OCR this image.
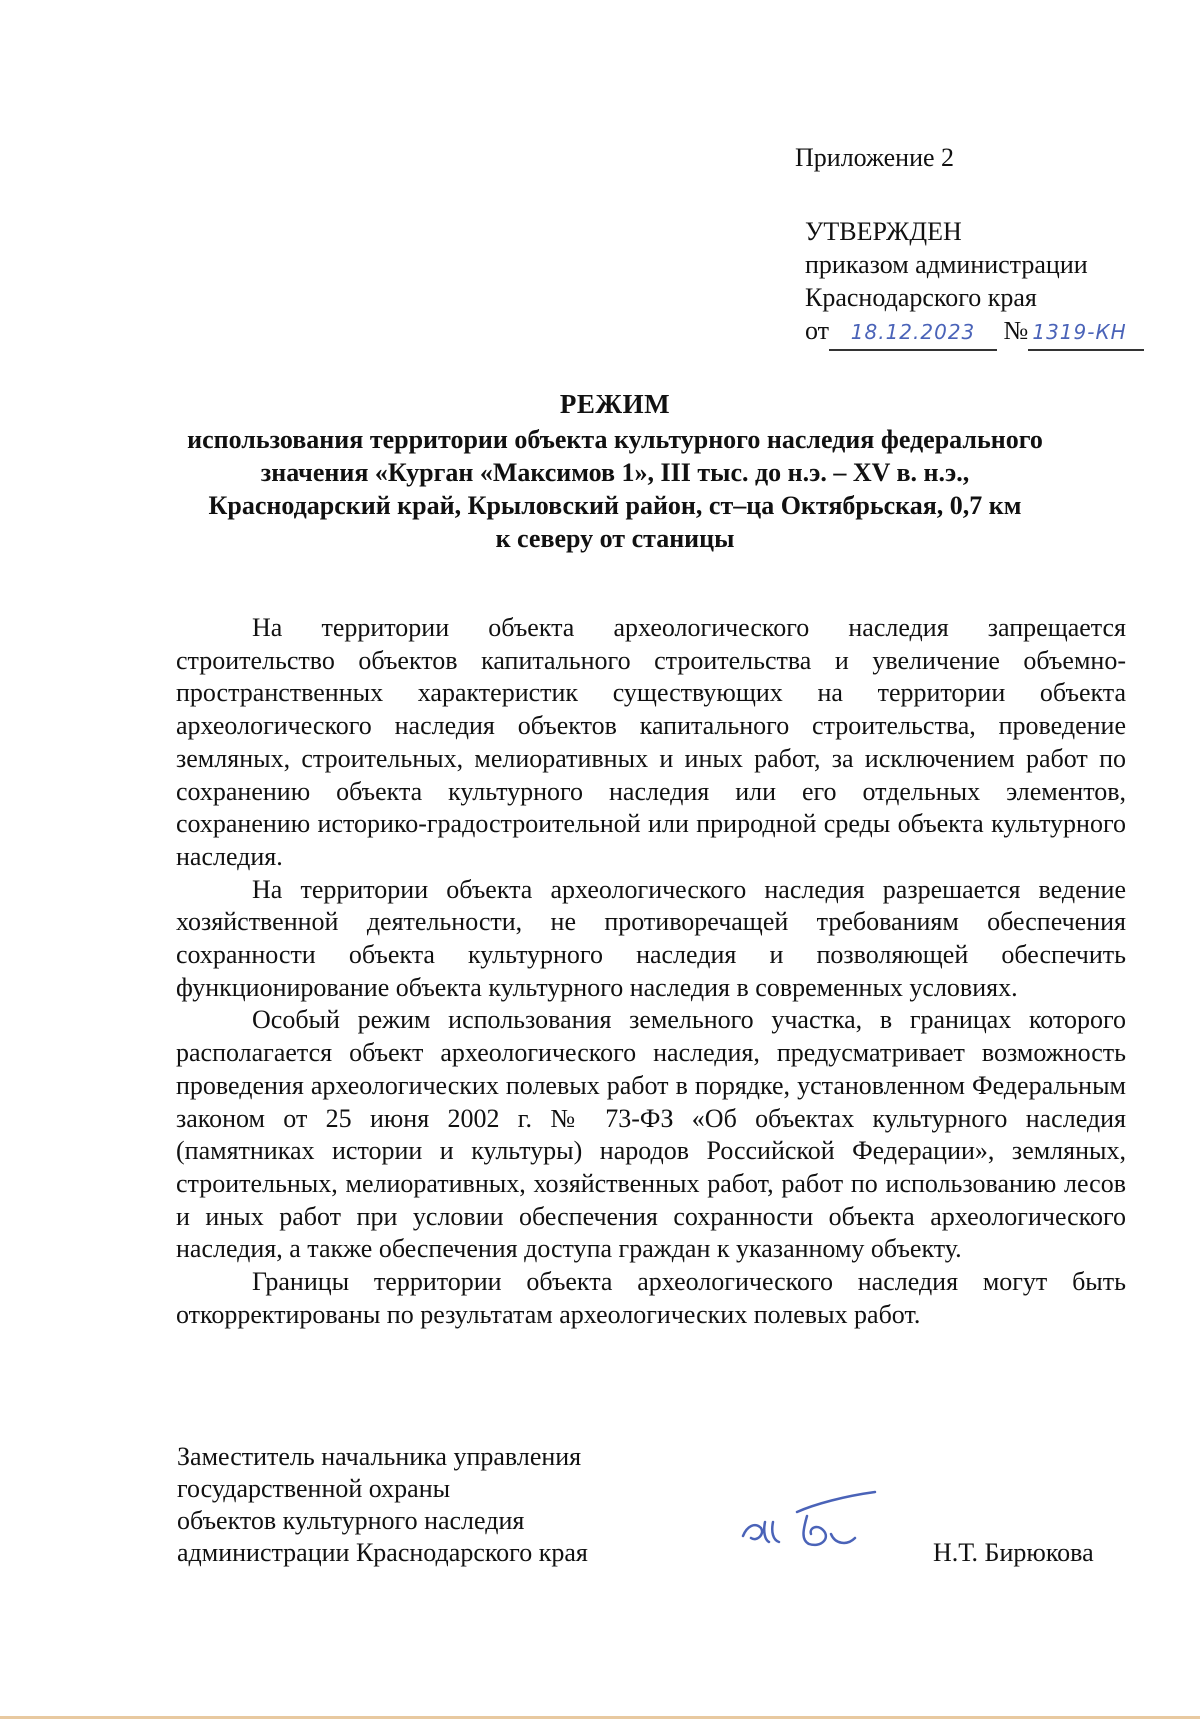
Приложение 2
УТВЕРЖДЕН
приказом администрации
Краснодарского края
от 18.12.2023 № 1319-КН
РЕЖИМ
использования территории объекта культурного наследия федерального
значения «Курган «Максимов 1», III тыс. до н.э. – XV в. н.э.,
Краснодарский край, Крыловский район, ст–ца Октябрьская, 0,7 км
к северу от станицы

На территории объекта археологического наследия запрещается строительство объектов капитального строительства и увеличение объемно-пространственных характеристик существующих на территории объекта археологического наследия объектов капитального строительства, проведение земляных, строительных, мелиоративных и иных работ, за исключением работ по сохранению объекта культурного наследия или его отдельных элементов, сохранению историко-градостроительной или природной среды объекта культурного наследия.

На территории объекта археологического наследия разрешается ведение хозяйственной деятельности, не противоречащей требованиям обеспечения сохранности объекта культурного наследия и позволяющей обеспечить функционирование объекта культурного наследия в современных условиях.

Особый режим использования земельного участка, в границах которого располагается объект археологического наследия, предусматривает возможность проведения археологических полевых работ в порядке, установленном Федеральным законом от 25 июня 2002 г. № 73-ФЗ «Об объектах культурного наследия (памятниках истории и культуры) народов Российской Федерации», земляных, строительных, мелиоративных, хозяйственных работ, работ по использованию лесов и иных работ при условии обеспечения сохранности объекта археологического наследия, а также обеспечения доступа граждан к указанному объекту.

Границы территории объекта археологического наследия могут быть откорректированы по результатам археологических полевых работ.

Заместитель начальника управления
государственной охраны
объектов культурного наследия
администрации Краснодарского края	Н.Т. Бирюкова
